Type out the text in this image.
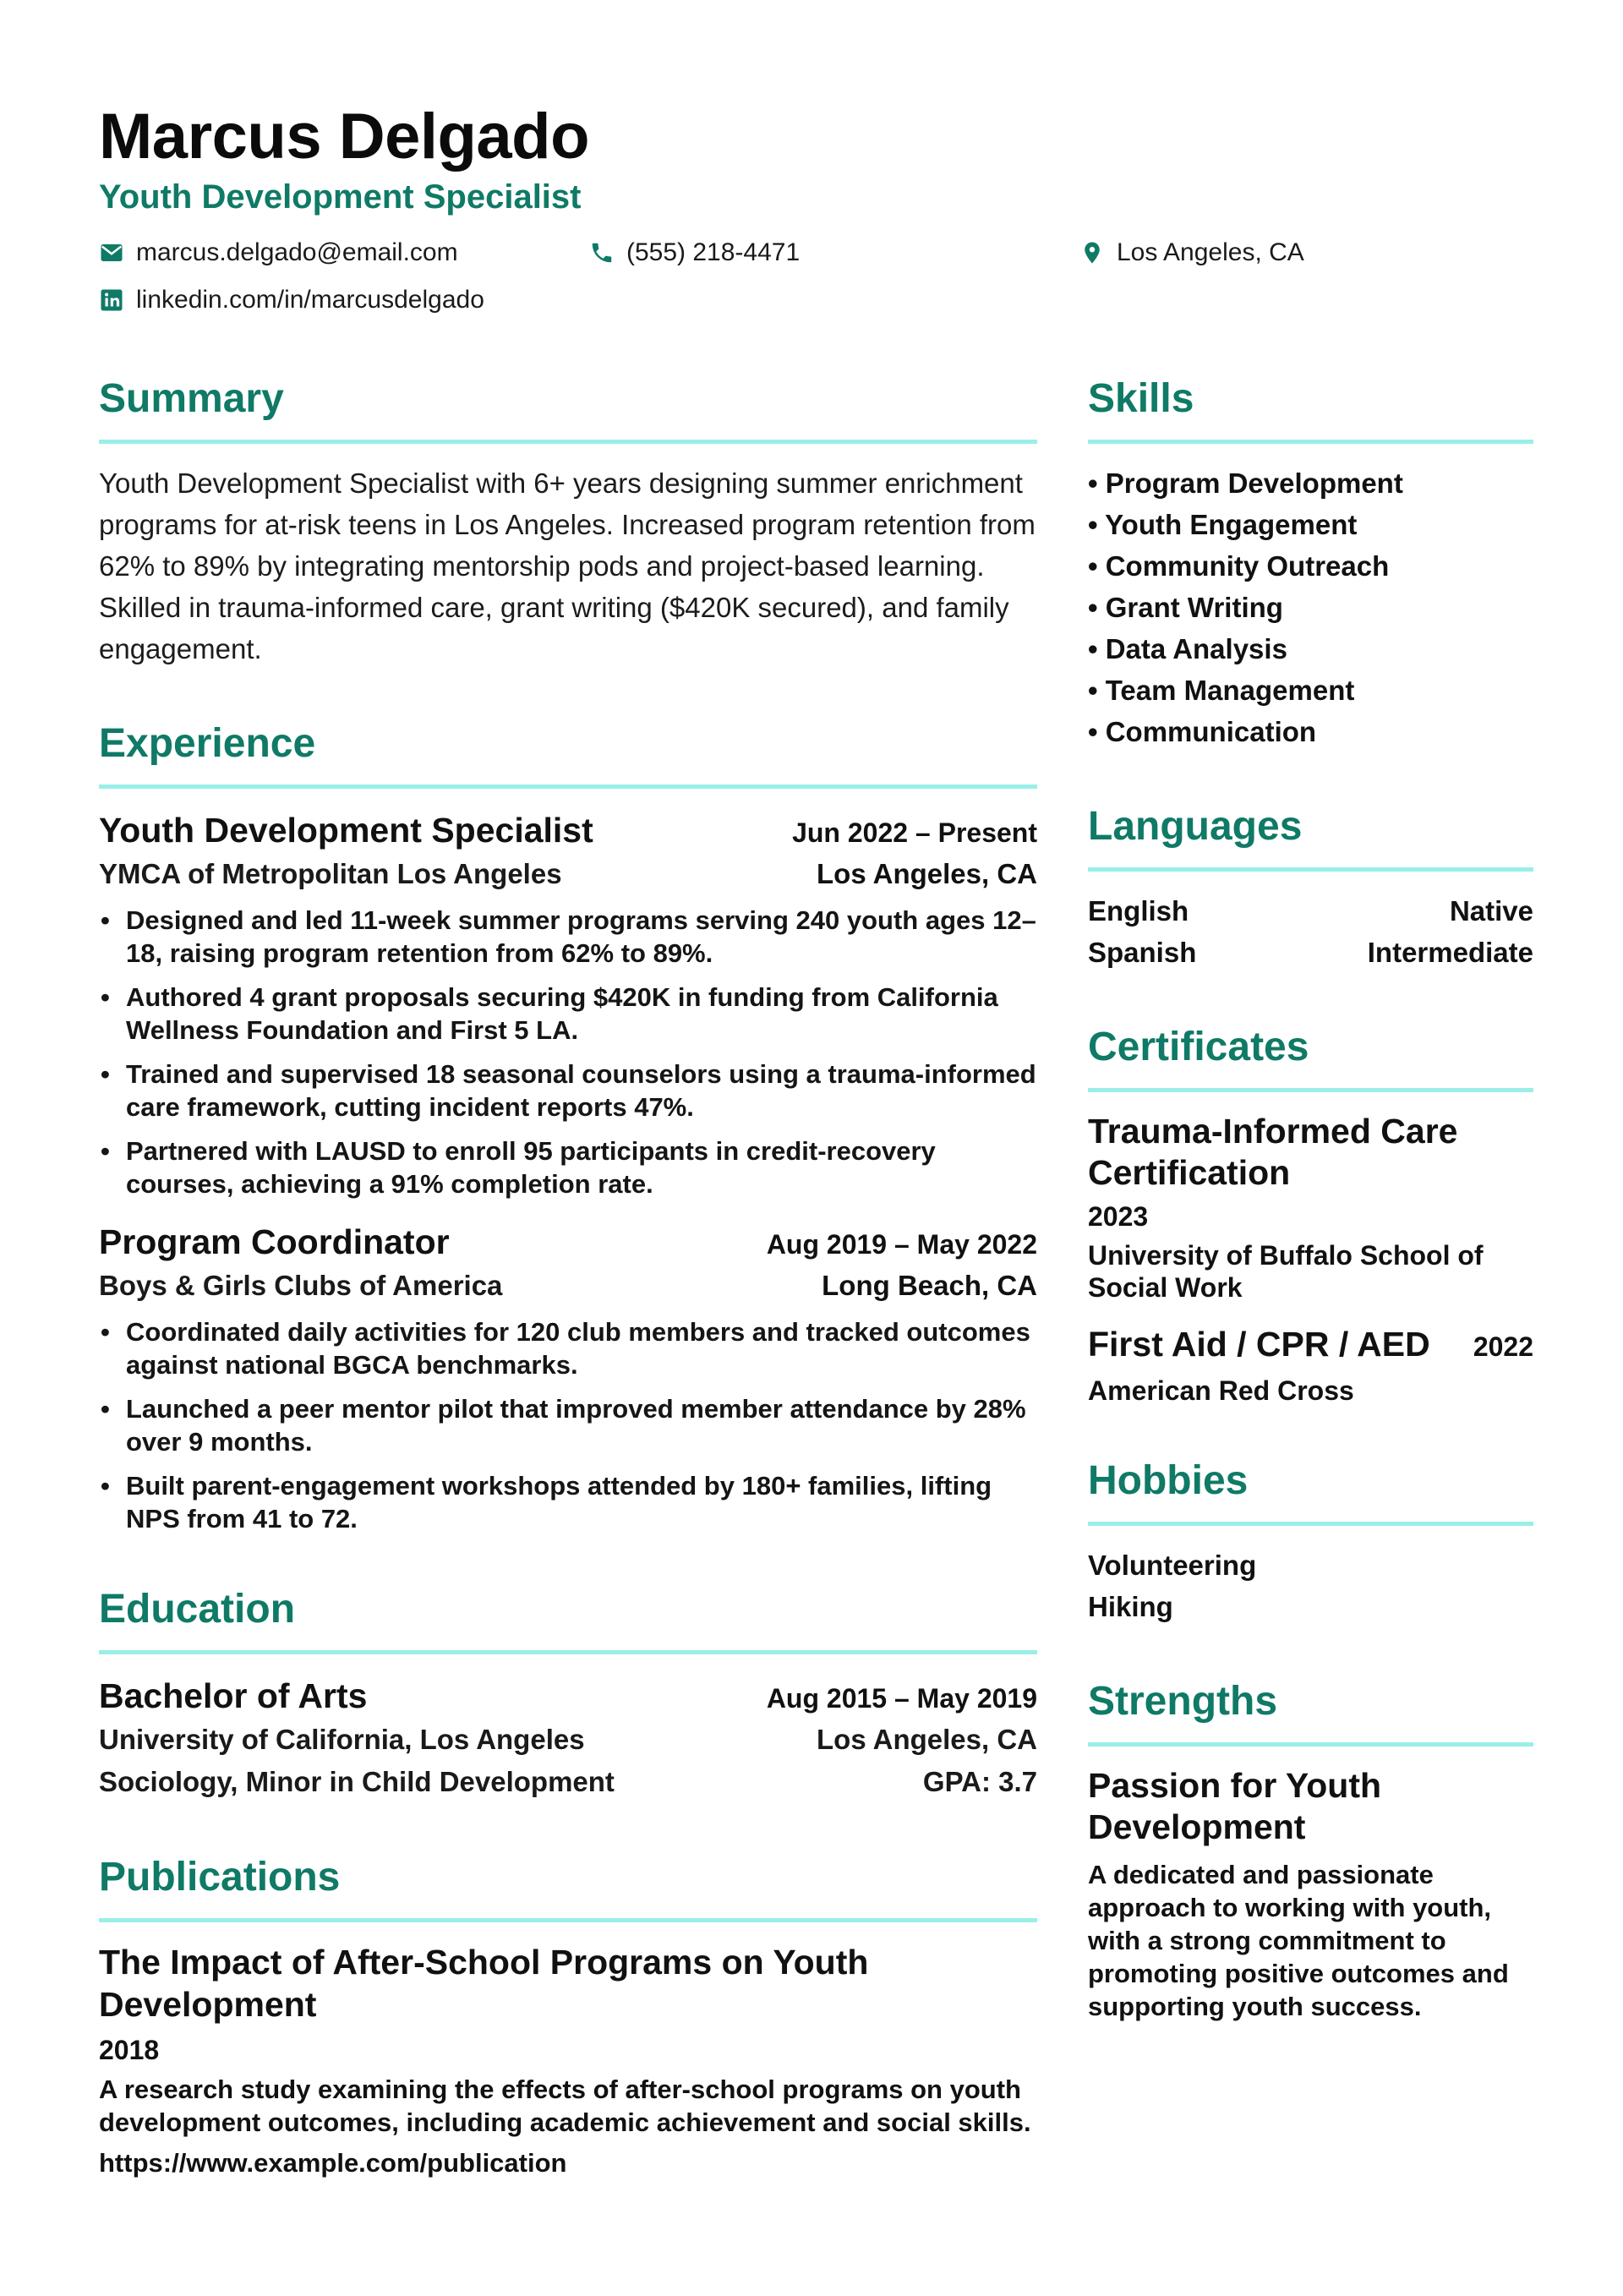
Marcus Delgado
Youth Development Specialist
marcus.delgado@email.com	(555) 218-4471	Los Angeles, CA
linkedin.com/in/marcusdelgado
Summary
Youth Development Specialist with 6+ years designing summer enrichment programs for at-risk teens in Los Angeles. Increased program retention from 62% to 89% by integrating mentorship pods and project-based learning. Skilled in trauma-informed care, grant writing ($420K secured), and family engagement.
Experience
Youth Development Specialist	Jun 2022 – Present
YMCA of Metropolitan Los Angeles	Los Angeles, CA
• Designed and led 11-week summer programs serving 240 youth ages 12–18, raising program retention from 62% to 89%.
• Authored 4 grant proposals securing $420K in funding from California Wellness Foundation and First 5 LA.
• Trained and supervised 18 seasonal counselors using a trauma-informed care framework, cutting incident reports 47%.
• Partnered with LAUSD to enroll 95 participants in credit-recovery courses, achieving a 91% completion rate.
Program Coordinator	Aug 2019 – May 2022
Boys & Girls Clubs of America	Long Beach, CA
• Coordinated daily activities for 120 club members and tracked outcomes against national BGCA benchmarks.
• Launched a peer mentor pilot that improved member attendance by 28% over 9 months.
• Built parent-engagement workshops attended by 180+ families, lifting NPS from 41 to 72.
Education
Bachelor of Arts	Aug 2015 – May 2019
University of California, Los Angeles	Los Angeles, CA
Sociology, Minor in Child Development	GPA: 3.7
Publications
The Impact of After-School Programs on Youth Development
2018
A research study examining the effects of after-school programs on youth development outcomes, including academic achievement and social skills.
https://www.example.com/publication
Skills
• Program Development
• Youth Engagement
• Community Outreach
• Grant Writing
• Data Analysis
• Team Management
• Communication
Languages
English	Native
Spanish	Intermediate
Certificates
Trauma-Informed Care Certification
2023
University of Buffalo School of Social Work
First Aid / CPR / AED 2022
American Red Cross
Hobbies
Volunteering
Hiking
Strengths
Passion for Youth Development
A dedicated and passionate approach to working with youth, with a strong commitment to promoting positive outcomes and supporting youth success.
